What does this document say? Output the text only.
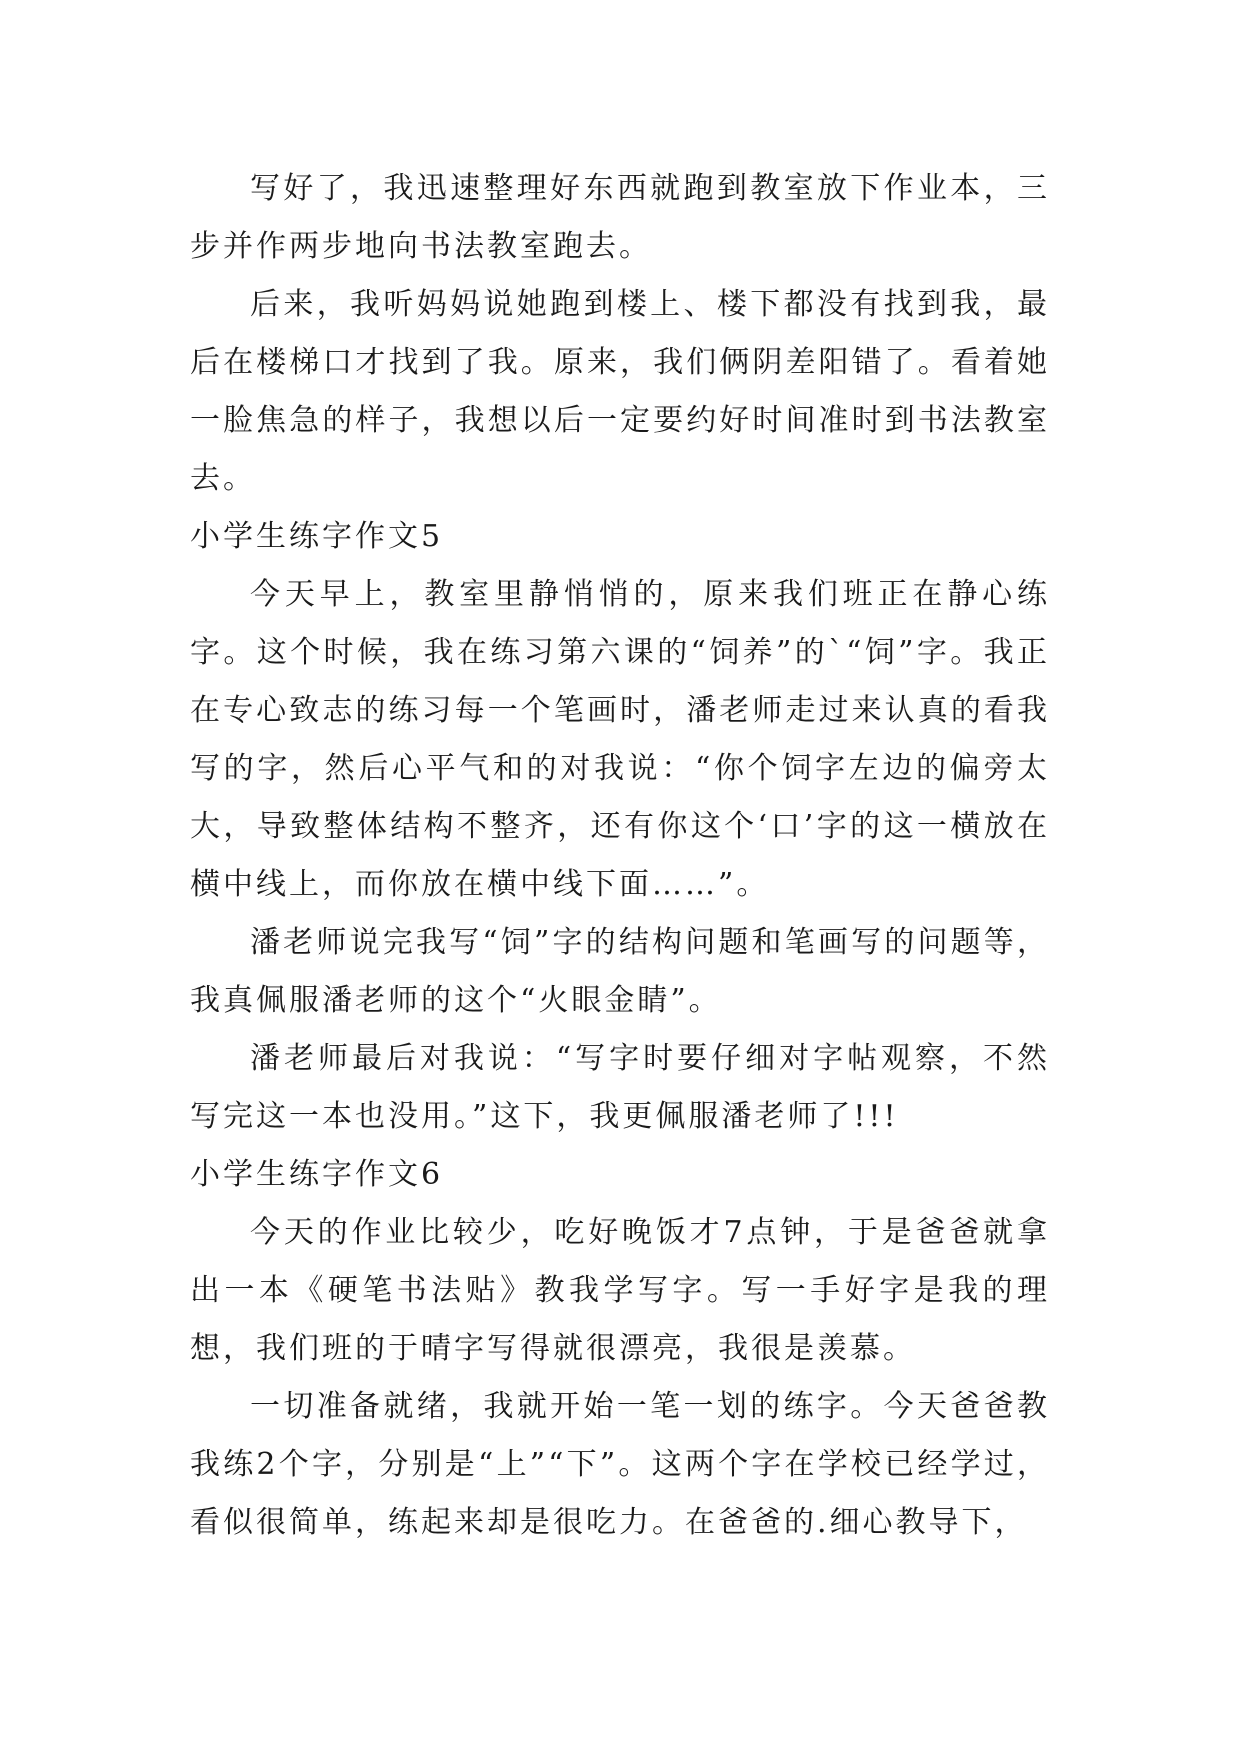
写好了，我迅速整理好东西就跑到教室放下作业本，三步并作两步地向书法教室跑去。

后来，我听妈妈说她跑到楼上、楼下都没有找到我，最后在楼梯口才找到了我。原来，我们俩阴差阳错了。看着她一脸焦急的样子，我想以后一定要约好时间准时到书法教室去。

小学生练字作文5

今天早上，教室里静悄悄的，原来我们班正在静心练字。这个时候，我在练习第六课的“饲养”的`“饲”字。我正在专心致志的练习每一个笔画时，潘老师走过来认真的看我写的字，然后心平气和的对我说：“你个饲字左边的偏旁太大，导致整体结构不整齐，还有你这个‘口’字的这一横放在横中线上，而你放在横中线下面……”。

潘老师说完我写“饲”字的结构问题和笔画写的问题等，我真佩服潘老师的这个“火眼金睛”。

潘老师最后对我说：“写字时要仔细对字帖观察，不然写完这一本也没用。”这下，我更佩服潘老师了!!!

小学生练字作文6

今天的作业比较少，吃好晚饭才7点钟，于是爸爸就拿出一本《硬笔书法贴》教我学写字。写一手好字是我的理想，我们班的于晴字写得就很漂亮，我很是羡慕。

一切准备就绪，我就开始一笔一划的练字。今天爸爸教我练2个字，分别是“上”“下”。这两个字在学校已经学过，看似很简单，练起来却是很吃力。在爸爸的.细心教导下，
